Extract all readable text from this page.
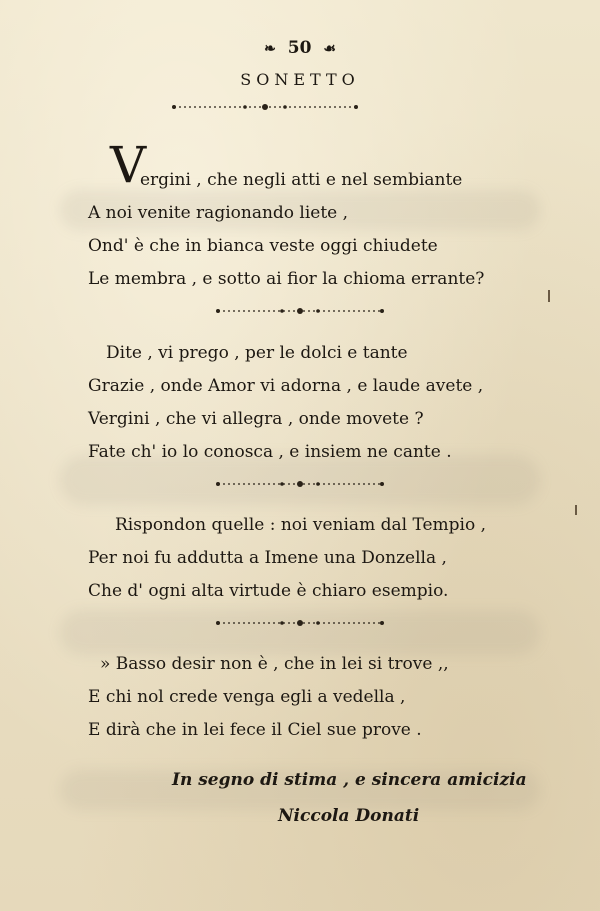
❧ 50 ☙
SONETTO
V
ergini , che negli atti e nel sembiante
A noi venite ragionando liete ,
Ond' è che in bianca veste oggi chiudete
Le membra , e sotto ai fior la chioma errante?
Dite , vi prego , per le dolci e tante
Grazie , onde Amor vi adorna , e laude avete ,
Vergini , che vi allegra , onde movete ?
Fate ch' io lo conosca , e insiem ne cante .
Rispondon quelle : noi veniam dal Tempio ,
Per noi fu addutta a Imene una Donzella ,
Che d' ogni alta virtude è chiaro esempio.
» Basso desir non è , che in lei si trove ,,
E chi nol crede venga egli a vedella ,
E dirà che in lei fece il Ciel sue prove .
In segno di stima , e sincera amicizia
Niccola Donati
